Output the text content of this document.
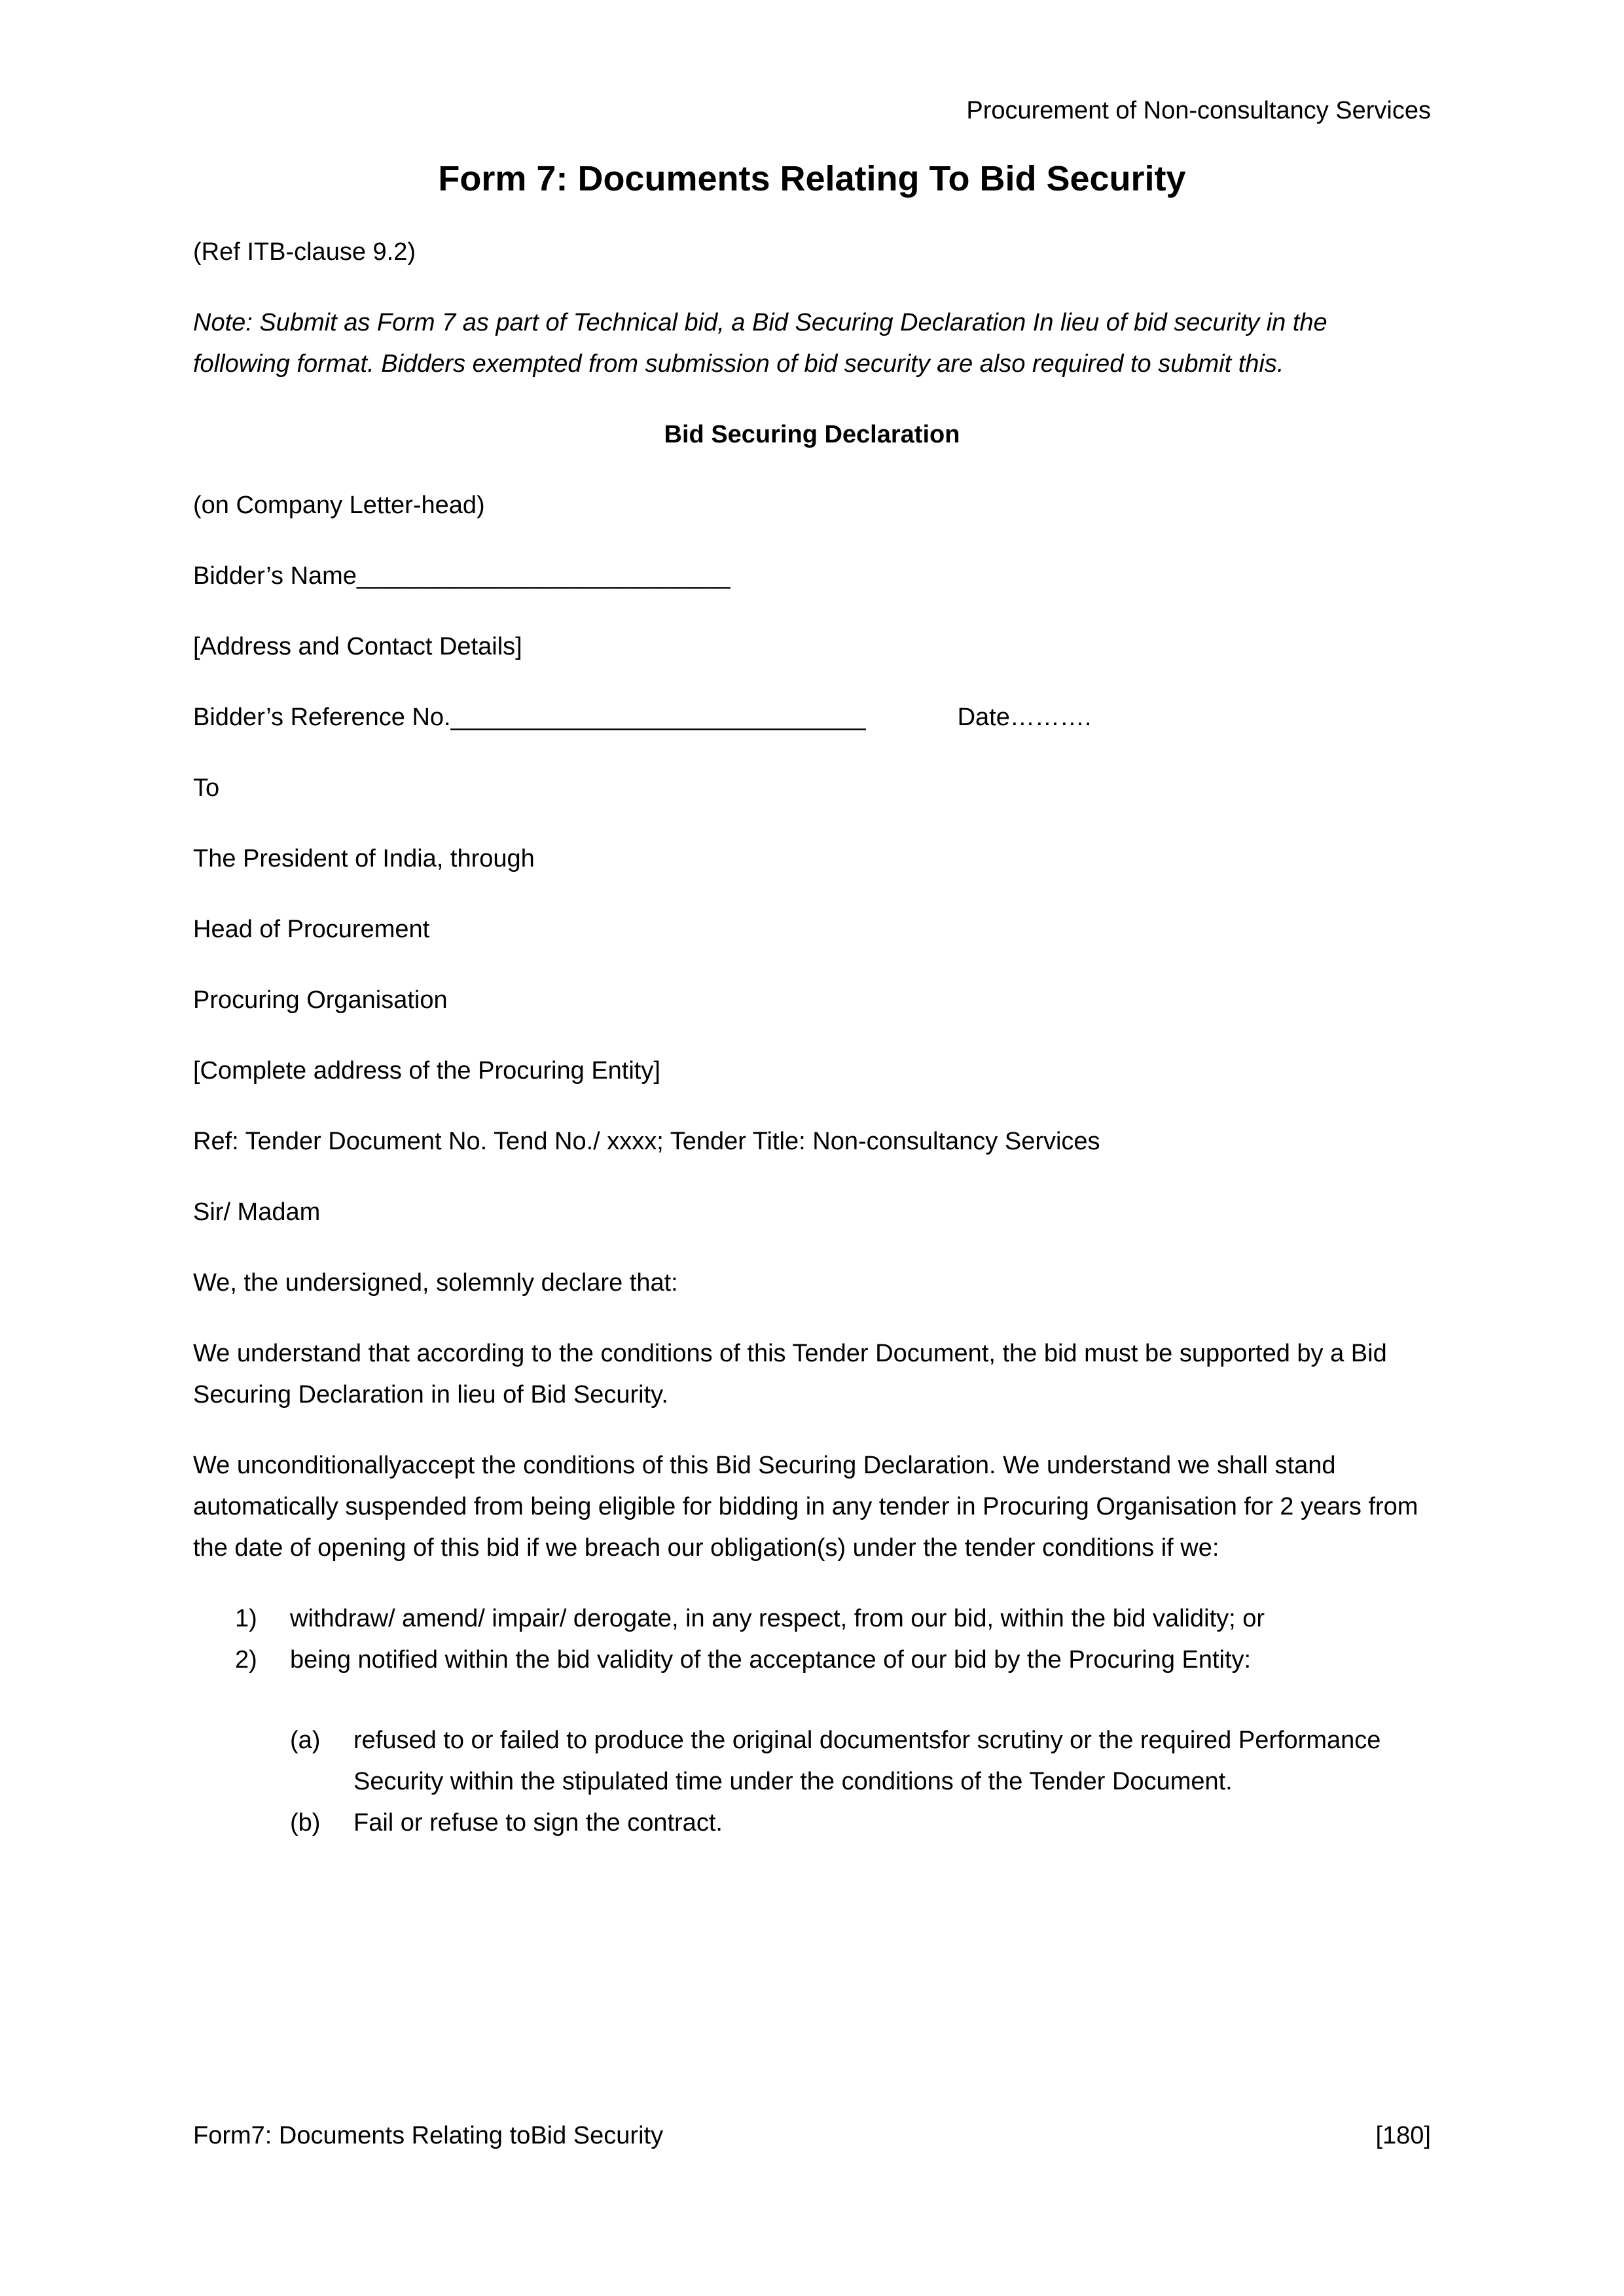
Procurement of Non-consultancy Services

Form 7: Documents Relating To Bid Security

(Ref ITB-clause 9.2)

Note: Submit as Form 7 as part of Technical bid, a Bid Securing Declaration In lieu of bid security in the following format. Bidders exempted from submission of bid security are also required to submit this.

Bid Securing Declaration

(on Company Letter-head)

Bidder’s Name___________________________

[Address and Contact Details]

Bidder’s Reference No.______________________________	Date……….

To

The President of India, through

Head of Procurement

Procuring Organisation

[Complete address of the Procuring Entity]

Ref: Tender Document No. Tend No./ xxxx; Tender Title: Non-consultancy Services

Sir/ Madam

We, the undersigned, solemnly declare that:

We understand that according to the conditions of this Tender Document, the bid must be supported by a Bid Securing Declaration in lieu of Bid Security.

We unconditionallyaccept the conditions of this Bid Securing Declaration. We understand we shall stand automatically suspended from being eligible for bidding in any tender in Procuring Organisation for 2 years from the date of opening of this bid if we breach our obligation(s) under the tender conditions if we:

1)	withdraw/ amend/ impair/ derogate, in any respect, from our bid, within the bid validity; or
2)	being notified within the bid validity of the acceptance of our bid by the Procuring Entity:
(a)	refused to or failed to produce the original documentsfor scrutiny or the required Performance Security within the stipulated time under the conditions of the Tender Document.
(b)	Fail or refuse to sign the contract.
Form7: Documents Relating toBid Security	[180]
